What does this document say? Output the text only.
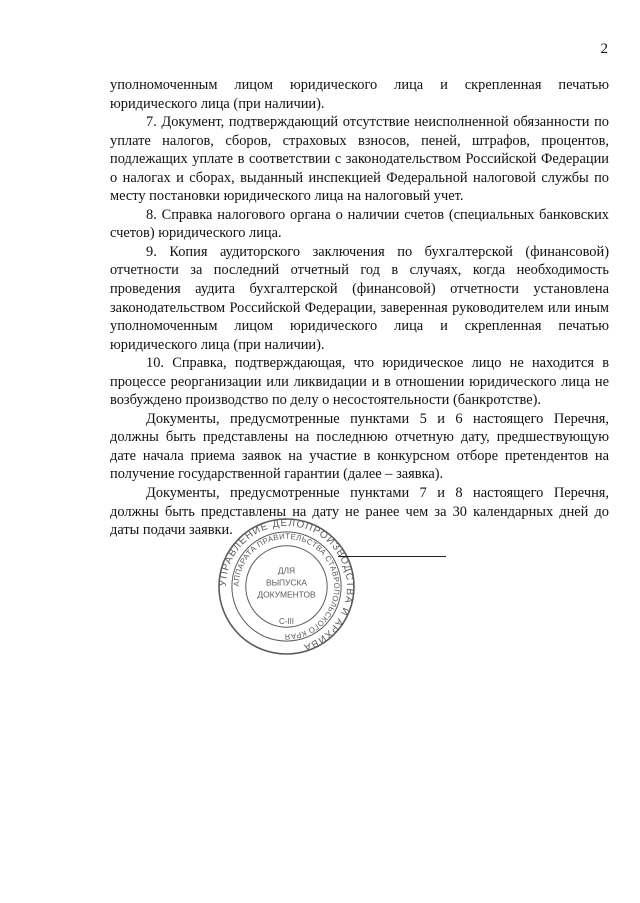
2

уполномоченным лицом юридического лица и скрепленная печатью юридического лица (при наличии).

7. Документ, подтверждающий отсутствие неисполненной обязанности по уплате налогов, сборов, страховых взносов, пеней, штрафов, процентов, подлежащих уплате в соответствии с законодательством Российской Федерации о налогах и сборах, выданный инспекцией Федеральной налоговой службы по месту постановки юридического лица на налоговый учет.

8. Справка налогового органа о наличии счетов (специальных банковских счетов) юридического лица.

9. Копия аудиторского заключения по бухгалтерской (финансовой) отчетности за последний отчетный год в случаях, когда необходимость проведения аудита бухгалтерской (финансовой) отчетности установлена законодательством Российской Федерации, заверенная руководителем или иным уполномоченным лицом юридического лица и скрепленная печатью юридического лица (при наличии).

10. Справка, подтверждающая, что юридическое лицо не находится в процессе реорганизации или ликвидации и в отношении юридического лица не возбуждено производство по делу о несостоятельности (банкротстве).

Документы, предусмотренные пунктами 5 и 6 настоящего Перечня, должны быть представлены на последнюю отчетную дату, предшествующую дате начала приема заявок на участие в конкурсном отборе претендентов на получение государственной гарантии (далее – заявка).

Документы, предусмотренные пунктами 7 и 8 настоящего Перечня, должны быть представлены на дату не ранее чем за 30 календарных дней до даты подачи заявки.

УПРАВЛЕНИЕ ДЕЛОПРОИЗВОДСТВА И АРХИВА
АППАРАТА ПРАВИТЕЛЬСТВА СТАВРОПОЛЬСКОГО КРАЯ
ДЛЯ
ВЫПУСКА
ДОКУМЕНТОВ
С-III
